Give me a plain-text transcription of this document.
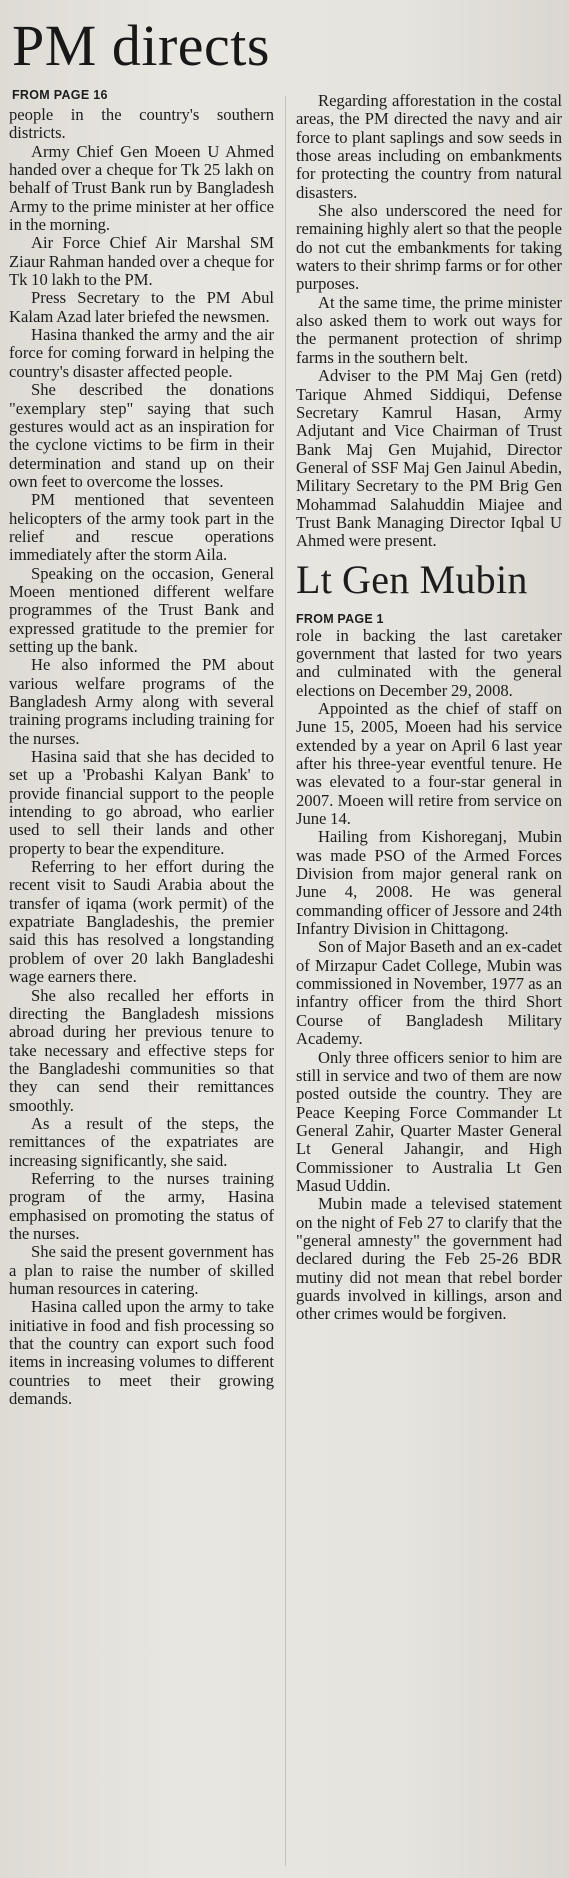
PM directs
FROM PAGE 16

people in the country's southern districts.

Army Chief Gen Moeen U Ahmed handed over a cheque for Tk 25 lakh on behalf of Trust Bank run by Bangladesh Army to the prime minister at her office in the morning.

Air Force Chief Air Marshal SM Ziaur Rahman handed over a cheque for Tk 10 lakh to the PM.

Press Secretary to the PM Abul Kalam Azad later briefed the newsmen.

Hasina thanked the army and the air force for coming forward in helping the country's disaster affected people.

She described the donations "exemplary step" saying that such gestures would act as an inspiration for the cyclone victims to be firm in their determination and stand up on their own feet to overcome the losses.

PM mentioned that seventeen helicopters of the army took part in the relief and rescue operations immediately after the storm Aila.

Speaking on the occasion, General Moeen mentioned different welfare programmes of the Trust Bank and expressed gratitude to the premier for setting up the bank.

He also informed the PM about various welfare programs of the Bangladesh Army along with several training programs including training for the nurses.

Hasina said that she has decided to set up a 'Probashi Kalyan Bank' to provide financial support to the people intending to go abroad, who earlier used to sell their lands and other property to bear the expenditure.

Referring to her effort during the recent visit to Saudi Arabia about the transfer of iqama (work permit) of the expatriate Bangladeshis, the premier said this has resolved a longstanding problem of over 20 lakh Bangladeshi wage earners there.

She also recalled her efforts in directing the Bangladesh missions abroad during her previous tenure to take necessary and effective steps for the Bangladeshi communities so that they can send their remittances smoothly.

As a result of the steps, the remittances of the expatriates are increasing significantly, she said.

Referring to the nurses training program of the army, Hasina emphasised on promoting the status of the nurses.

She said the present government has a plan to raise the number of skilled human resources in catering.

Hasina called upon the army to take initiative in food and fish processing so that the country can export such food items in increasing volumes to different countries to meet their growing demands.

Regarding afforestation in the costal areas, the PM directed the navy and air force to plant saplings and sow seeds in those areas including on embankments for protecting the country from natural disasters.

She also underscored the need for remaining highly alert so that the people do not cut the embankments for taking waters to their shrimp farms or for other purposes.

At the same time, the prime minister also asked them to work out ways for the permanent protection of shrimp farms in the southern belt.

Adviser to the PM Maj Gen (retd) Tarique Ahmed Siddiqui, Defense Secretary Kamrul Hasan, Army Adjutant and Vice Chairman of Trust Bank Maj Gen Mujahid, Director General of SSF Maj Gen Jainul Abedin, Military Secretary to the PM Brig Gen Mohammad Salahuddin Miajee and Trust Bank Managing Director Iqbal U Ahmed were present.

Lt Gen Mubin
FROM PAGE 1

role in backing the last caretaker government that lasted for two years and culminated with the general elections on December 29, 2008.

Appointed as the chief of staff on June 15, 2005, Moeen had his service extended by a year on April 6 last year after his three-year eventful tenure. He was elevated to a four-star general in 2007. Moeen will retire from service on June 14.

Hailing from Kishoreganj, Mubin was made PSO of the Armed Forces Division from major general rank on June 4, 2008. He was general commanding officer of Jessore and 24th Infantry Division in Chittagong.

Son of Major Baseth and an ex-cadet of Mirzapur Cadet College, Mubin was commissioned in November, 1977 as an infantry officer from the third Short Course of Bangladesh Military Academy.

Only three officers senior to him are still in service and two of them are now posted outside the country. They are Peace Keeping Force Commander Lt General Zahir, Quarter Master General Lt General Jahangir, and High Commissioner to Australia Lt Gen Masud Uddin.

Mubin made a televised statement on the night of Feb 27 to clarify that the "general amnesty" the government had declared during the Feb 25-26 BDR mutiny did not mean that rebel border guards involved in killings, arson and other crimes would be forgiven.
